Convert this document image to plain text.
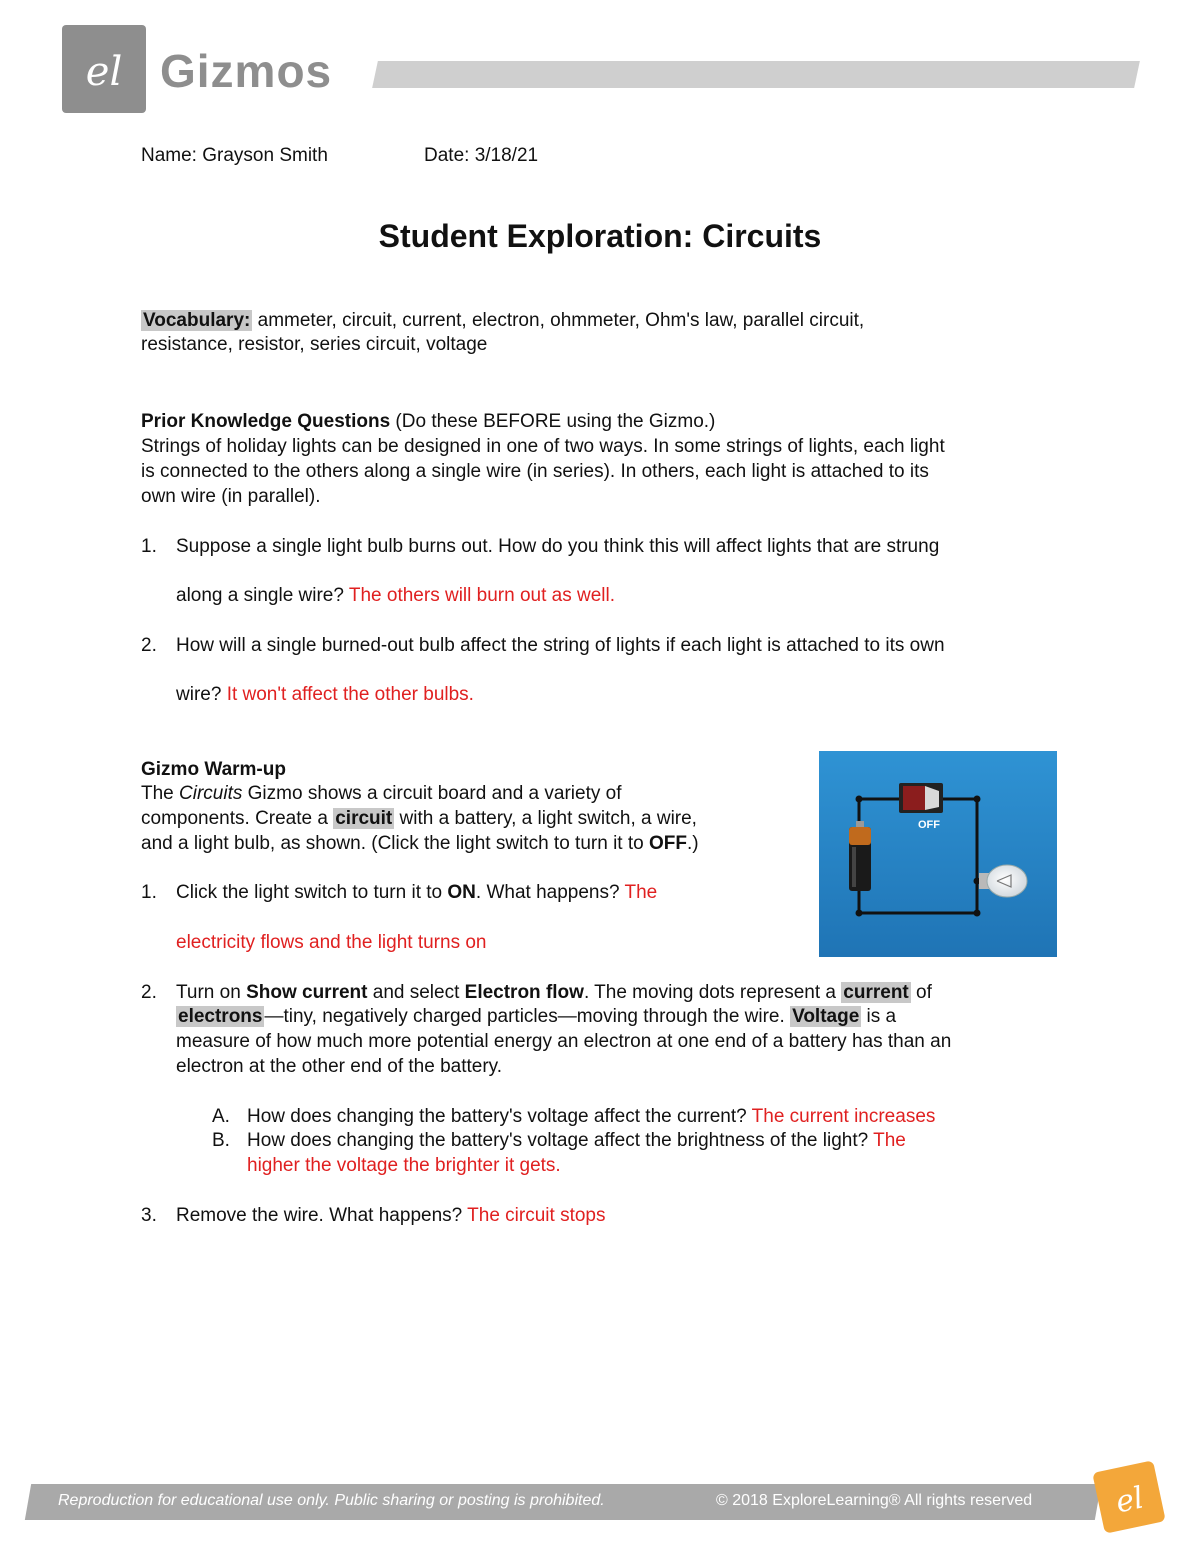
el Gizmos
Name: Grayson Smith	Date: 3/18/21
Student Exploration: Circuits
Vocabulary: ammeter, circuit, current, electron, ohmmeter, Ohm's law, parallel circuit,
resistance, resistor, series circuit, voltage
Prior Knowledge Questions (Do these BEFORE using the Gizmo.)
Strings of holiday lights can be designed in one of two ways. In some strings of lights, each light
is connected to the others along a single wire (in series). In others, each light is attached to its
own wire (in parallel).
1. Suppose a single light bulb burns out. How do you think this will affect lights that are strung
along a single wire? The others will burn out as well.
2. How will a single burned-out bulb affect the string of lights if each light is attached to its own
wire? It won't affect the other bulbs.
Gizmo Warm-up
The Circuits Gizmo shows a circuit board and a variety of
components. Create a circuit with a battery, a light switch, a wire,
and a light bulb, as shown. (Click the light switch to turn it to OFF.)
1. Click the light switch to turn it to ON. What happens? The
electricity flows and the light turns on
OFF
2. Turn on Show current and select Electron flow. The moving dots represent a current of
electrons —tiny, negatively charged particles—moving through the wire. Voltage is a
measure of how much more potential energy an electron at one end of a battery has than an
electron at the other end of the battery.
A. How does changing the battery's voltage affect the current? The current increases
B. How does changing the battery's voltage affect the brightness of the light? The
higher the voltage the brighter it gets.
3. Remove the wire. What happens? The circuit stops
Reproduction for educational use only. Public sharing or posting is prohibited.	© 2018 ExploreLearning® All rights reserved	el
